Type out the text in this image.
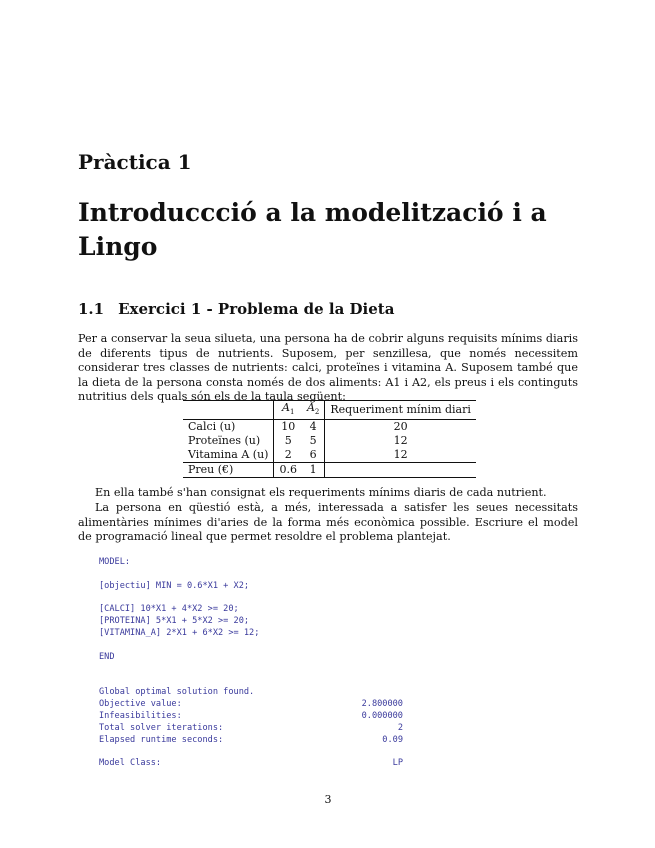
Pràctica 1
Introduccció a la modelització i a Lingo
1.1 Exercici 1 - Problema de la Dieta

Per a conservar la seua silueta, una persona ha de cobrir alguns requisits mínims diaris de diferents tipus de nutrients. Suposem, per senzillesa, que només necessitem considerar tres classes de nutrients: calci, proteïnes i vitamina A. Suposem també que la dieta de la persona consta només de dos aliments: A1 i A2, els preus i els continguts nutritius dels quals són els de la taula següent:

	$A_1$	$A_2$	Requeriment mínim diari
Calci (u)	10	4	20
Proteïnes (u)	5	5	12
Vitamina A (u)	2	6	12
Preu (€)	0.6	1	

En ella també s'han consignat els requeriments mínims diaris de cada nutrient.

La persona en qüestió està, a més, interessada a satisfer les seues necessitats alimentàries mínimes di'aries de la forma més econòmica possible. Escriure el model de programació lineal que permet resoldre el problema plantejat.

MODEL:
[objectiu] MIN = 0.6*X1 + X2;
[CALCI] 10*X1 + 4*X2 >= 20;
[PROTEINA] 5*X1 + 5*X2 >= 20;
[VITAMINA_A] 2*X1 + 6*X2 >= 12;
END
Global optimal solution found.
Objective value:	2.800000
Infeasibilities:	0.000000
Total solver iterations:	2
Elapsed runtime seconds:	0.09
Model Class:	LP
3
